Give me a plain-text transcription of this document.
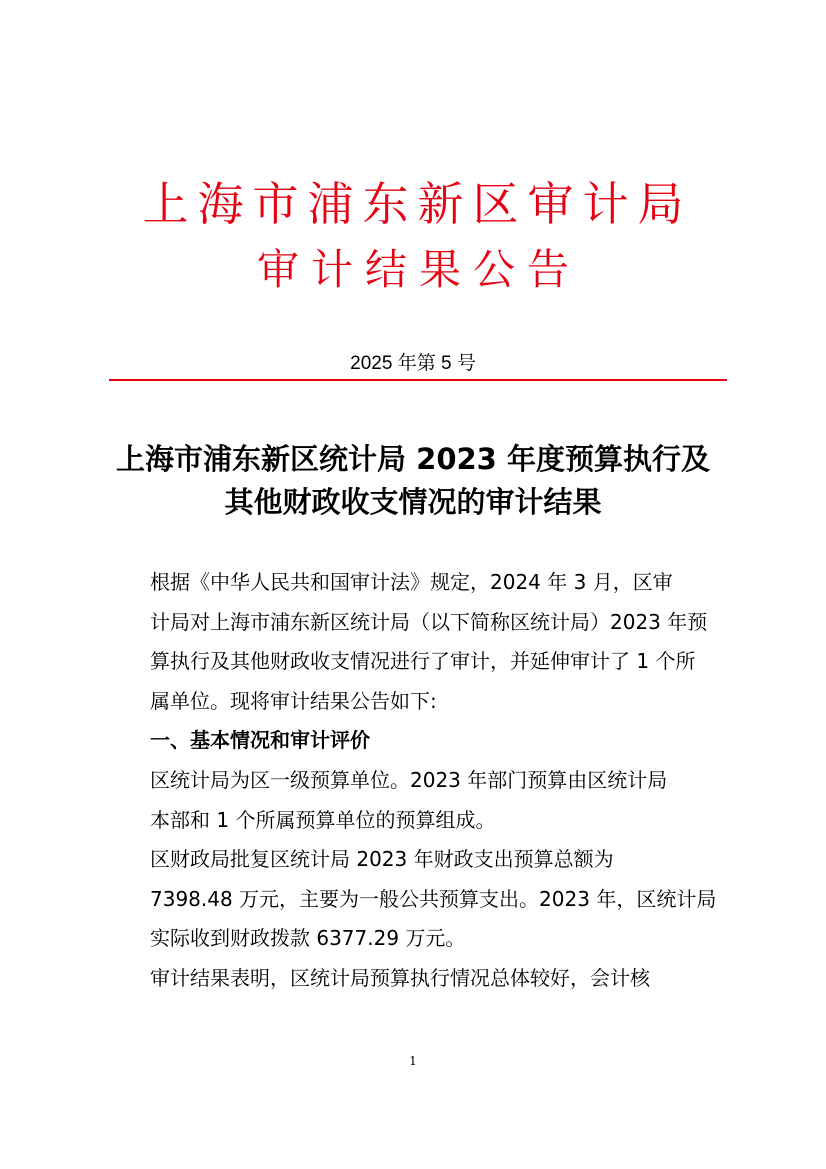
上海市浦东新区审计局
审计结果公告
2025 年第 5 号
上海市浦东新区统计局 2023 年度预算执行及
其他财政收支情况的审计结果

根据《中华人民共和国审计法》规定，2024 年 3 月，区审
计局对上海市浦东新区统计局（以下简称区统计局）2023 年预
算执行及其他财政收支情况进行了审计，并延伸审计了 1 个所
属单位。现将审计结果公告如下:

一、基本情况和审计评价

区统计局为区一级预算单位。2023 年部门预算由区统计局
本部和 1 个所属预算单位的预算组成。

区财政局批复区统计局 2023 年财政支出预算总额为
7398.48 万元，主要为一般公共预算支出。2023 年，区统计局
实际收到财政拨款 6377.29 万元。

审计结果表明，区统计局预算执行情况总体较好，会计核

1
